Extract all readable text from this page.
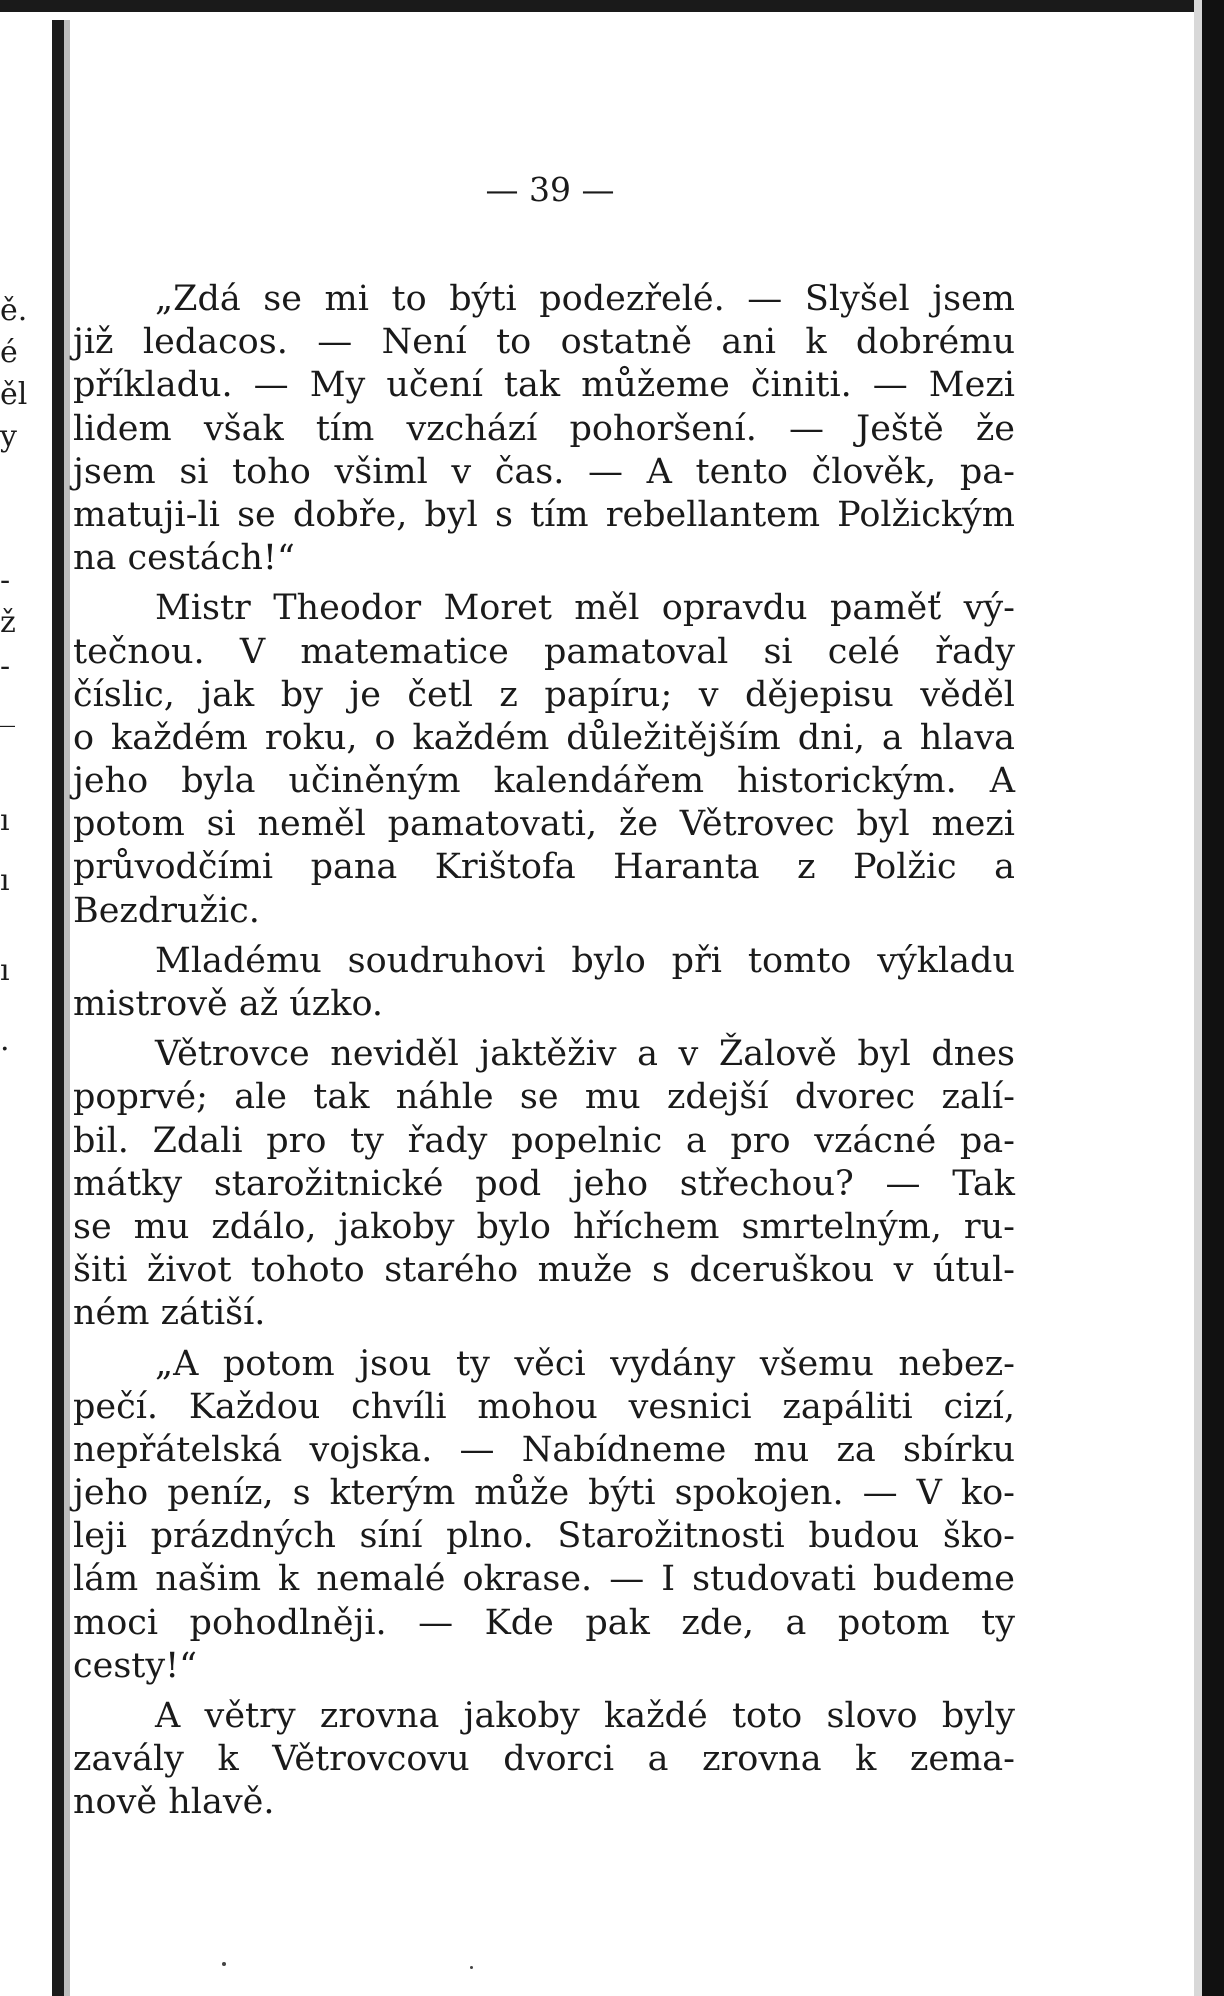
ě.
é
ěl
y
-
ž
-
_
ı
ı
ı
.
— 39 —
„Zdá se mi to býti podezřelé. — Slyšel jsem
již ledacos. — Není to ostatně ani k dobrému
příkladu. — My učení tak můžeme činiti. — Mezi
lidem však tím vzchází pohoršení. — Ještě že
jsem si toho všiml v čas. — A tento člověk, pa-
matuji-li se dobře, byl s tím rebellantem Polžickým
na cestách!“
Mistr Theodor Moret měl opravdu paměť vý-
tečnou. V matematice pamatoval si celé řady
číslic, jak by je četl z papíru; v dějepisu věděl
o každém roku, o každém důležitějším dni, a hlava
jeho byla učiněným kalendářem historickým. A
potom si neměl pamatovati, že Větrovec byl mezi
průvodčími pana Krištofa Haranta z Polžic a
Bezdružic.
Mladému soudruhovi bylo při tomto výkladu
mistrově až úzko.
Větrovce neviděl jaktěživ a v Žalově byl dnes
poprvé; ale tak náhle se mu zdejší dvorec zalí-
bil. Zdali pro ty řady popelnic a pro vzácné pa-
mátky starožitnické pod jeho střechou? — Tak
se mu zdálo, jakoby bylo hříchem smrtelným, ru-
šiti život tohoto starého muže s dceruškou v útul-
ném zátiší.
„A potom jsou ty věci vydány všemu nebez-
pečí. Každou chvíli mohou vesnici zapáliti cizí,
nepřátelská vojska. — Nabídneme mu za sbírku
jeho peníz, s kterým může býti spokojen. — V ko-
leji prázdných síní plno. Starožitnosti budou ško-
lám našim k nemalé okrase. — I studovati budeme
moci pohodlněji. — Kde pak zde, a potom ty
cesty!“
A větry zrovna jakoby každé toto slovo byly
zavály k Větrovcovu dvorci a zrovna k zema-
nově hlavě.
